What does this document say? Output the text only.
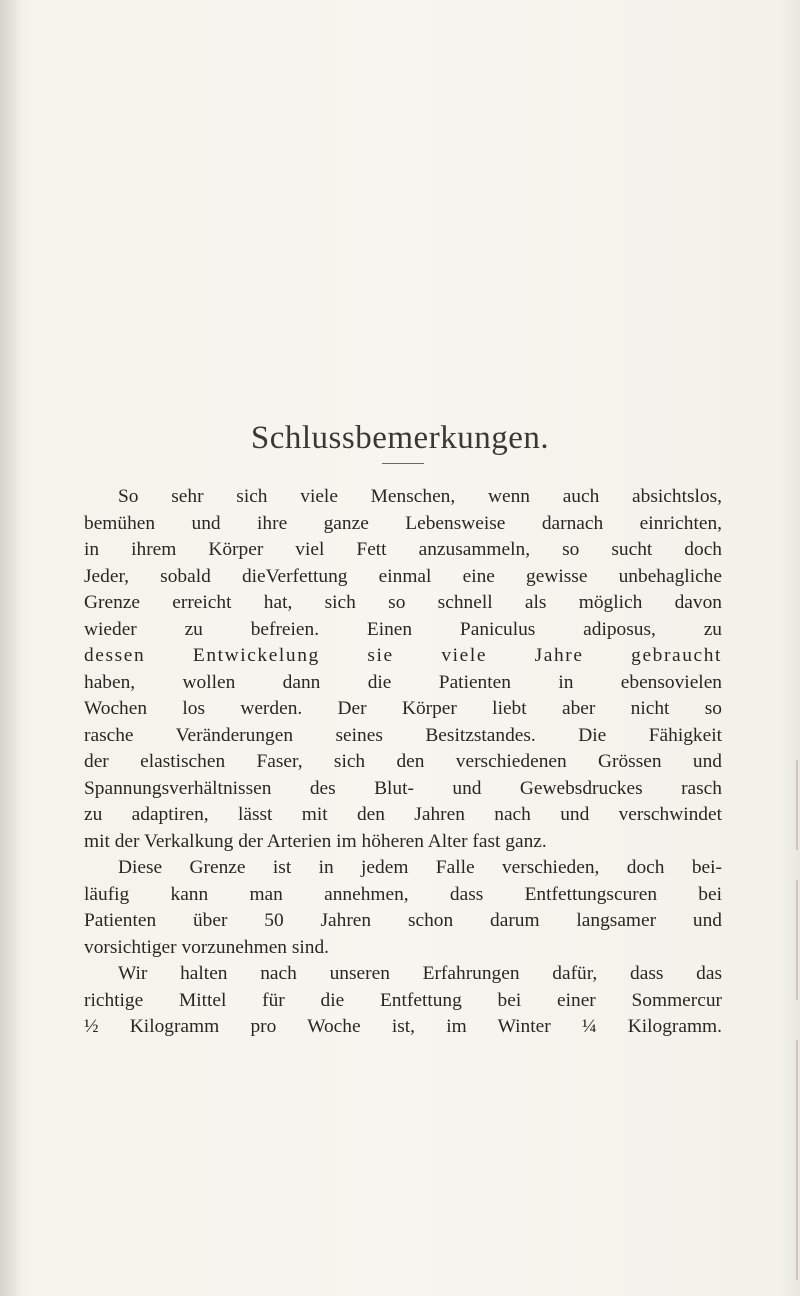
Schlussbemerkungen.
So sehr sich viele Menschen, wenn auch absichtslos,
bemühen und ihre ganze Lebensweise darnach einrichten,
in ihrem Körper viel Fett anzusammeln, so sucht doch
Jeder, sobald dieVerfettung einmal eine gewisse unbehagliche
Grenze erreicht hat, sich so schnell als möglich davon
wieder zu befreien. Einen Paniculus adiposus, zu
dessen Entwickelung sie viele Jahre gebraucht
haben, wollen dann die Patienten in ebensovielen
Wochen los werden. Der Körper liebt aber nicht so
rasche Veränderungen seines Besitzstandes. Die Fähigkeit
der elastischen Faser, sich den verschiedenen Grössen und
Spannungsverhältnissen des Blut- und Gewebsdruckes rasch
zu adaptiren, lässt mit den Jahren nach und verschwindet
mit der Verkalkung der Arterien im höheren Alter fast ganz.
Diese Grenze ist in jedem Falle verschieden, doch bei-
läufig kann man annehmen, dass Entfettungscuren bei
Patienten über 50 Jahren schon darum langsamer und
vorsichtiger vorzunehmen sind.
Wir halten nach unseren Erfahrungen dafür, dass das
richtige Mittel für die Entfettung bei einer Sommercur
½ Kilogramm pro Woche ist, im Winter ¼ Kilogramm.
